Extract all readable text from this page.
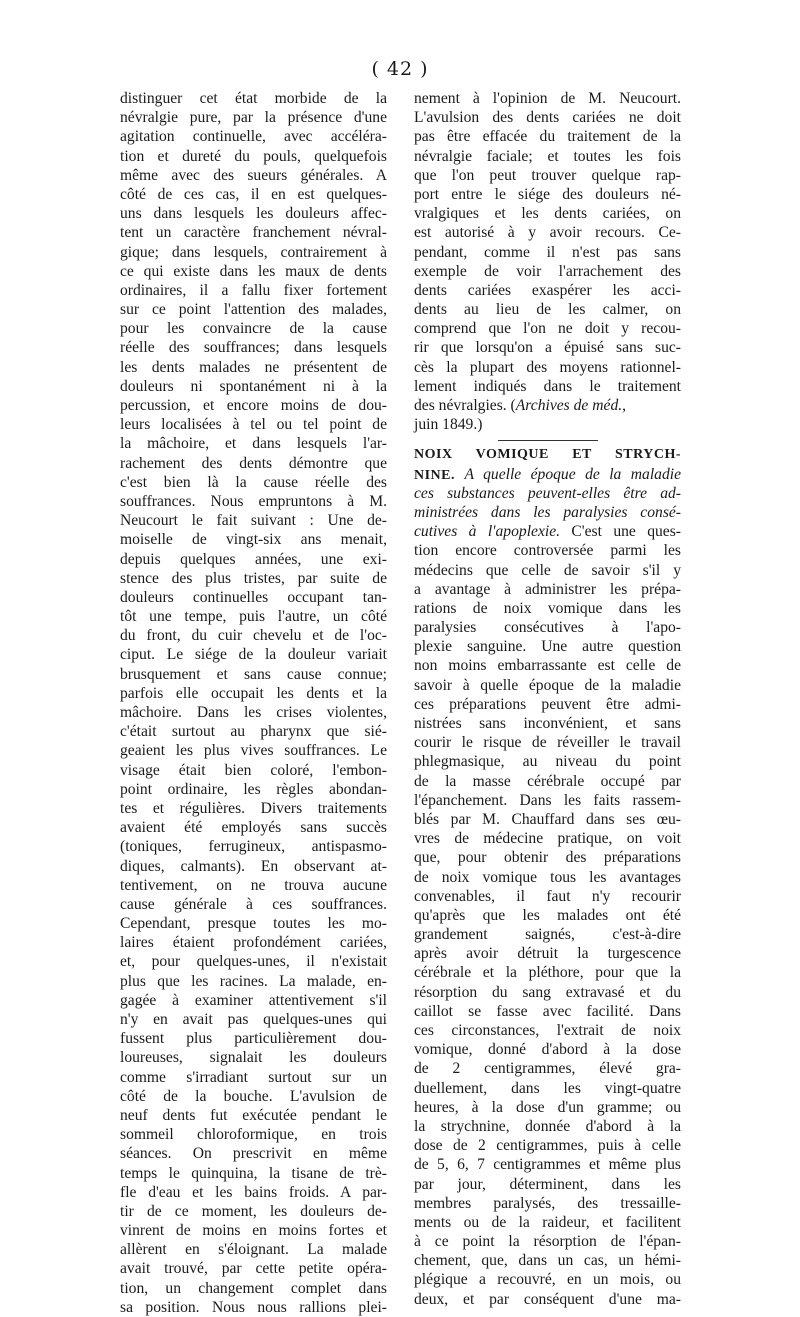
( 42 )
distinguer cet état morbide de la
névralgie pure, par la présence d'une
agitation continuelle, avec accéléra-
tion et dureté du pouls, quelquefois
même avec des sueurs générales. A
côté de ces cas, il en est quelques-
uns dans lesquels les douleurs affec-
tent un caractère franchement névral-
gique; dans lesquels, contrairement à
ce qui existe dans les maux de dents
ordinaires, il a fallu fixer fortement
sur ce point l'attention des malades,
pour les convaincre de la cause
réelle des souffrances; dans lesquels
les dents malades ne présentent de
douleurs ni spontanément ni à la
percussion, et encore moins de dou-
leurs localisées à tel ou tel point de
la mâchoire, et dans lesquels l'ar-
rachement des dents démontre que
c'est bien là la cause réelle des
souffrances. Nous empruntons à M.
Neucourt le fait suivant : Une de-
moiselle de vingt-six ans menait,
depuis quelques années, une exi-
stence des plus tristes, par suite de
douleurs continuelles occupant tan-
tôt une tempe, puis l'autre, un côté
du front, du cuir chevelu et de l'oc-
ciput. Le siége de la douleur variait
brusquement et sans cause connue;
parfois elle occupait les dents et la
mâchoire. Dans les crises violentes,
c'était surtout au pharynx que sié-
geaient les plus vives souffrances. Le
visage était bien coloré, l'embon-
point ordinaire, les règles abondan-
tes et régulières. Divers traitements
avaient été employés sans succès
(toniques, ferrugineux, antispasmo-
diques, calmants). En observant at-
tentivement, on ne trouva aucune
cause générale à ces souffrances.
Cependant, presque toutes les mo-
laires étaient profondément cariées,
et, pour quelques-unes, il n'existait
plus que les racines. La malade, en-
gagée à examiner attentivement s'il
n'y en avait pas quelques-unes qui
fussent plus particulièrement dou-
loureuses, signalait les douleurs
comme s'irradiant surtout sur un
côté de la bouche. L'avulsion de
neuf dents fut exécutée pendant le
sommeil chloroformique, en trois
séances. On prescrivit en même
temps le quinquina, la tisane de trè-
fle d'eau et les bains froids. A par-
tir de ce moment, les douleurs de-
vinrent de moins en moins fortes et
allèrent en s'éloignant. La malade
avait trouvé, par cette petite opéra-
tion, un changement complet dans
sa position. Nous nous rallions plei-
nement à l'opinion de M. Neucourt.
L'avulsion des dents cariées ne doit
pas être effacée du traitement de la
névralgie faciale; et toutes les fois
que l'on peut trouver quelque rap-
port entre le siége des douleurs né-
vralgiques et les dents cariées, on
est autorisé à y avoir recours. Ce-
pendant, comme il n'est pas sans
exemple de voir l'arrachement des
dents cariées exaspérer les acci-
dents au lieu de les calmer, on
comprend que l'on ne doit y recou-
rir que lorsqu'on a épuisé sans suc-
cès la plupart des moyens rationnel-
lement indiqués dans le traitement
des névralgies. (Archives de méd.,
juin 1849.)
NOIX VOMIQUE ET STRYCH-
NINE. A quelle époque de la maladie
ces substances peuvent-elles être ad-
ministrées dans les paralysies consé-
cutives à l'apoplexie. C'est une ques-
tion encore controversée parmi les
médecins que celle de savoir s'il y
a avantage à administrer les prépa-
rations de noix vomique dans les
paralysies consécutives à l'apo-
plexie sanguine. Une autre question
non moins embarrassante est celle de
savoir à quelle époque de la maladie
ces préparations peuvent être admi-
nistrées sans inconvénient, et sans
courir le risque de réveiller le travail
phlegmasique, au niveau du point
de la masse cérébrale occupé par
l'épanchement. Dans les faits rassem-
blés par M. Chauffard dans ses œu-
vres de médecine pratique, on voit
que, pour obtenir des préparations
de noix vomique tous les avantages
convenables, il faut n'y recourir
qu'après que les malades ont été
grandement saignés, c'est-à-dire
après avoir détruit la turgescence
cérébrale et la pléthore, pour que la
résorption du sang extravasé et du
caillot se fasse avec facilité. Dans
ces circonstances, l'extrait de noix
vomique, donné d'abord à la dose
de 2 centigrammes, élevé gra-
duellement, dans les vingt-quatre
heures, à la dose d'un gramme; ou
la strychnine, donnée d'abord à la
dose de 2 centigrammes, puis à celle
de 5, 6, 7 centigrammes et même plus
par jour, déterminent, dans les
membres paralysés, des tressaille-
ments ou de la raideur, et facilitent
à ce point la résorption de l'épan-
chement, que, dans un cas, un hémi-
plégique a recouvré, en un mois, ou
deux, et par conséquent d'une ma-
